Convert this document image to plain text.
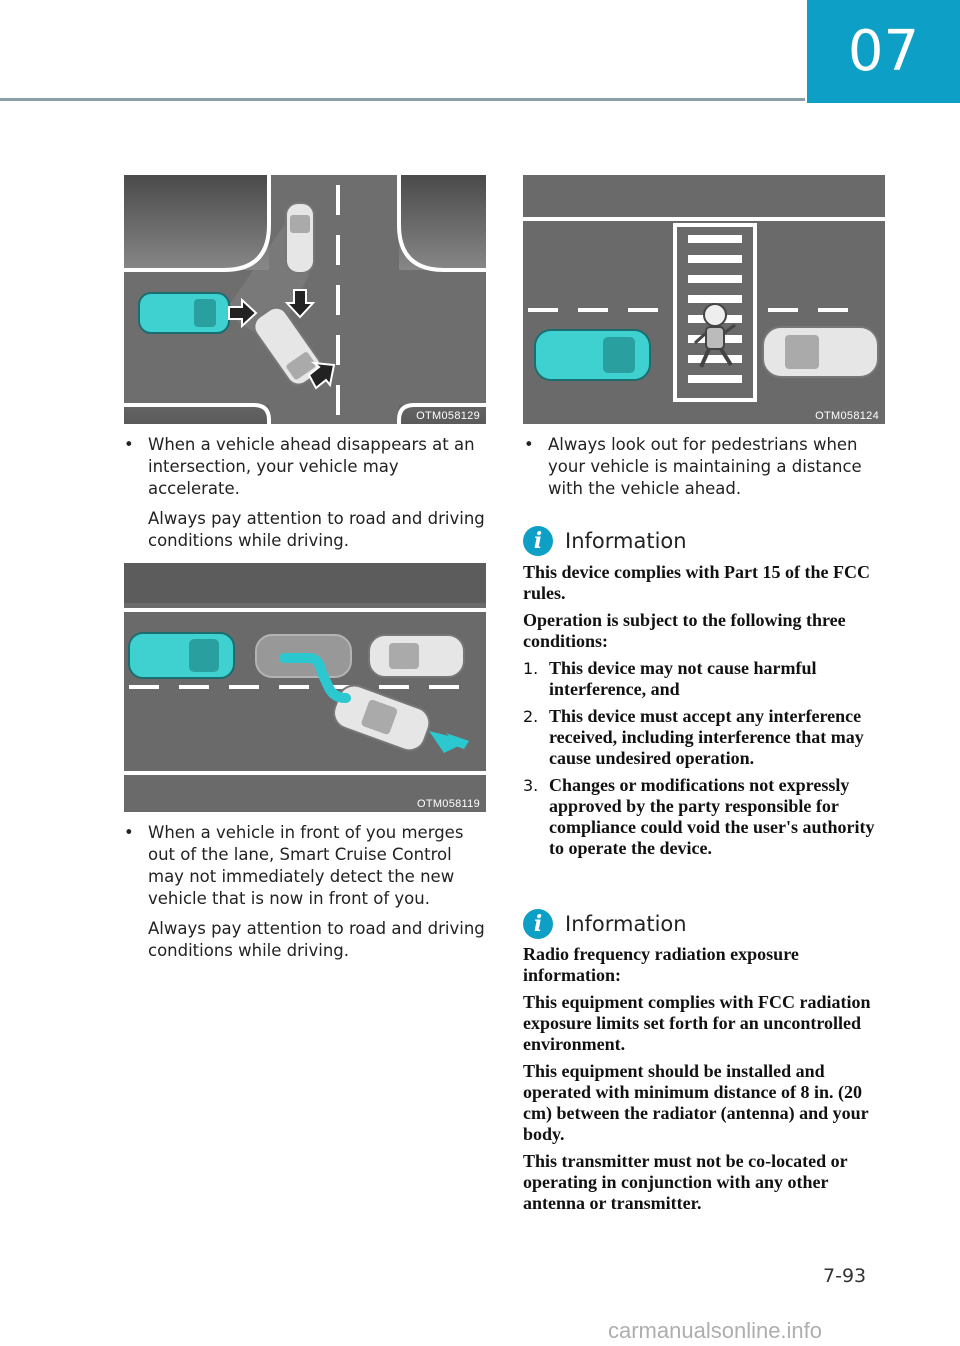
07
OTM058129
• When a vehicle ahead disappears at an intersection, your vehicle may accelerate.

Always pay attention to road and driving conditions while driving.

OTM058119
• When a vehicle in front of you merges out of the lane, Smart Cruise Control may not immediately detect the new vehicle that is now in front of you.

Always pay attention to road and driving conditions while driving.

OTM058124
• Always look out for pedestrians when your vehicle is maintaining a distance with the vehicle ahead.

i	Information

This device complies with Part 15 of the FCC rules.

Operation is subject to the following three conditions:

1. This device may not cause harmful interference, and
2. This device must accept any interference received, including interference that may cause undesired operation.
3. Changes or modifications not expressly approved by the party responsible for compliance could void the user's authority to operate the device.
i	Information

Radio frequency radiation exposure information:

This equipment complies with FCC radiation exposure limits set forth for an uncontrolled environment.

This equipment should be installed and operated with minimum distance of 8 in. (20 cm) between the radiator (antenna) and your body.

This transmitter must not be co-located or operating in conjunction with any other antenna or transmitter.

7-93
carmanualsonline.info
